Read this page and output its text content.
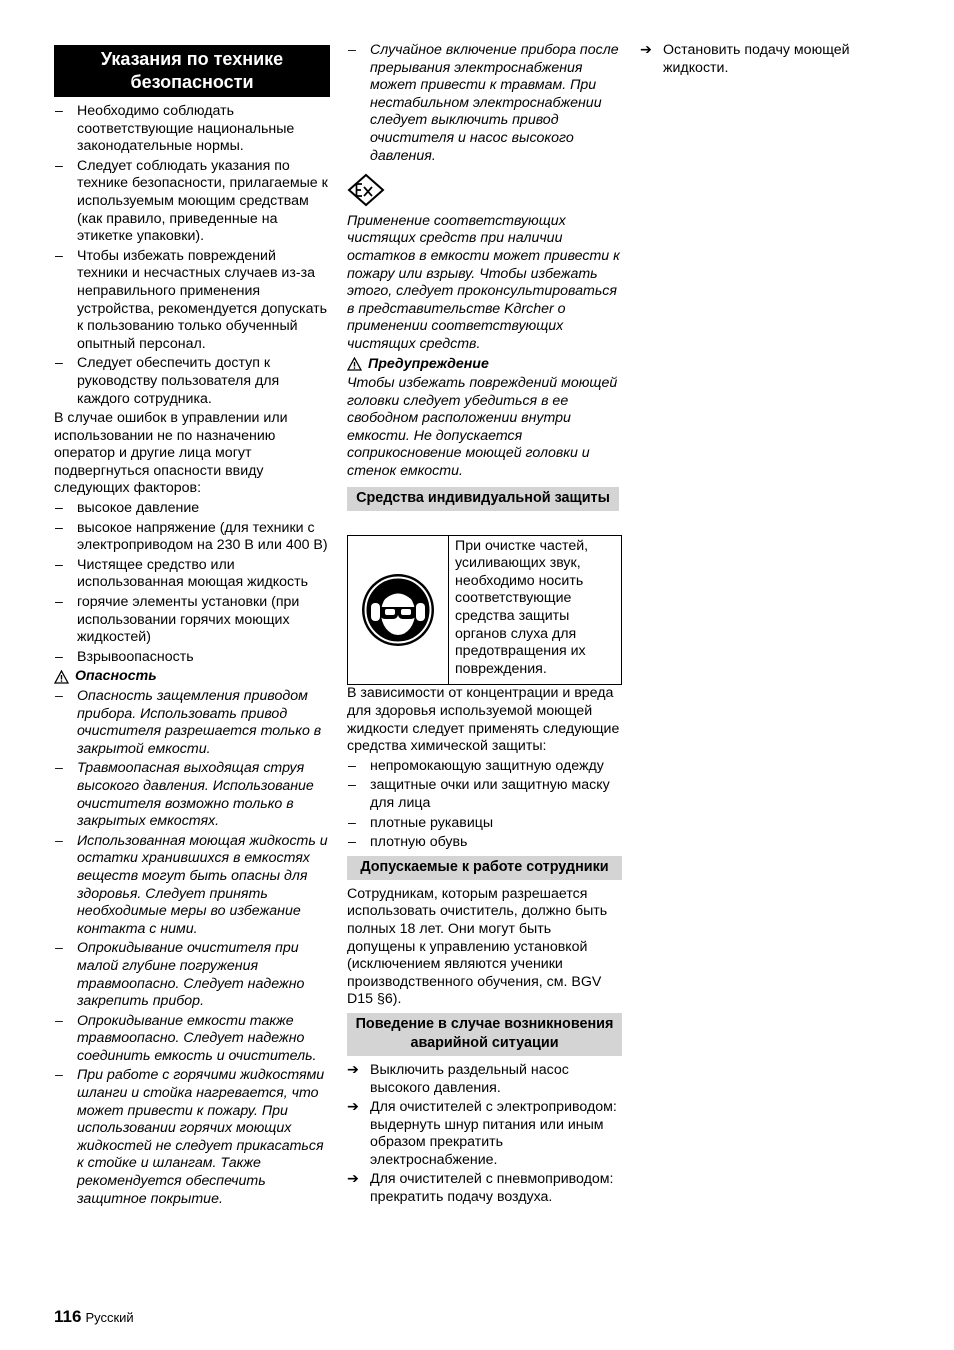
Указания по технике безопасности
– Необходимо соблюдать соответствующие национальные законодательные нормы.
– Следует соблюдать указания по технике безопасности, прилагаемые к используемым моющим средствам (как правило, приведенные на этикетке упаковки).
– Чтобы избежать повреждений техники и несчастных случаев из-за неправильного применения устройства, рекомендуется допускать к пользованию только обученный опытный персонал.
– Следует обеспечить доступ к руководству пользователя для каждого сотрудника.

В случае ошибок в управлении или использовании не по назначению оператор и другие лица могут подвергнуться опасности ввиду следующих факторов:

– высокое давление
– высокое напряжение (для техники с электроприводом на 230 В или 400 В)
– Чистящее средство или использованная моющая жидкость
– горячие элементы установки (при использовании горячих моющих жидкостей)
– Взрывоопасность
Опасность
– Опасность защемления приводом прибора. Использовать привод очистителя разрешается только в закрытой емкости.
– Травмоопасная выходящая струя высокого давления. Использование очистителя возможно только в закрытых емкостях.
– Использованная моющая жидкость и остатки хранившихся в емкостях веществ могут быть опасны для здоровья. Следует принять необходимые меры во избежание контакта с ними.
– Опрокидывание очистителя при малой глубине погружения травмоопасно. Следует надежно закрепить прибор.
– Опрокидывание емкости также травмоопасно. Следует надежно соединить емкость и очиститель.
– При работе с горячими жидкостями шланги и стойка нагревается, что может привести к пожару. При использовании горячих моющих жидкостей не следует прикасаться к стойке и шлангам. Также рекомендуется обеспечить защитное покрытие.
– Случайное включение прибора после прерывания электроснабжения может привести к травмам. При нестабильном электроснабжении следует выключить привод очистителя и насос высокого давления.

Применение соответствующих чистящих средств при наличии остатков в емкости может привести к пожару или взрыву. Чтобы избежать этого, следует проконсультироваться в представительстве Kдrcher о применении соответствующих чистящих средств.

Предупреждение

Чтобы избежать повреждений моющей головки следует убедиться в ее свободном расположении внутри емкости. Не допускается соприкосновение моющей головки и стенок емкости.

Средства индивидуальной защиты
При очистке частей, усиливающих звук, необходимо носить соответствующие средства защиты органов слуха для предотвращения их повреждения.

В зависимости от концентрации и вреда для здоровья используемой моющей жидкости следует применять следующие средства химической защиты:

– непромокающую защитную одежду
– защитные очки или защитную маску для лица
– плотные рукавицы
– плотную обувь
Допускаемые к работе сотрудники

Сотрудникам, которым разрешается использовать очиститель, должно быть полных 18 лет. Они могут быть допущены к управлению установкой (исключением являются ученики производственного обучения, см. BGV D15 §6).

Поведение в случае возникновения аварийной ситуации
➔ Выключить раздельный насос высокого давления.
➔ Для очистителей с электроприводом: выдернуть шнур питания или иным образом прекратить электроснабжение.
➔ Для очистителей с пневмоприводом: прекратить подачу воздуха.
➔ Остановить подачу моющей жидкости.
116 Русский
